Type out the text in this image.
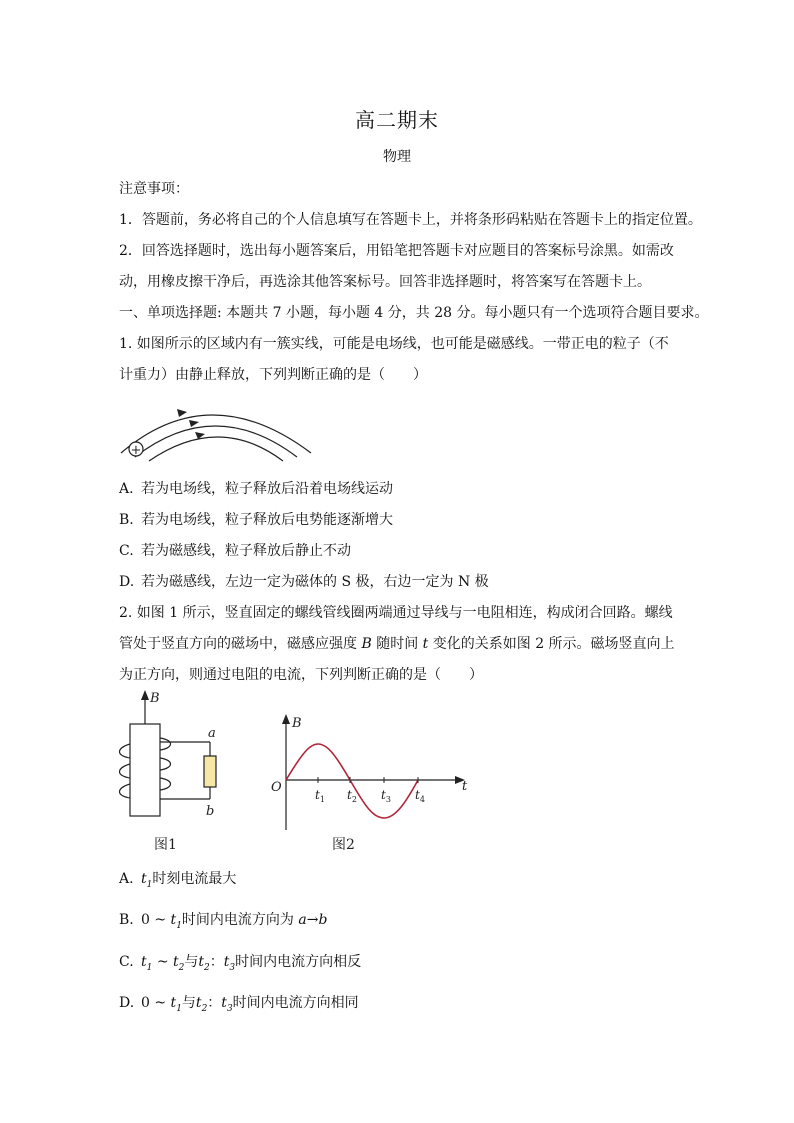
高二期末
物理
注意事项：
1．答题前，务必将自己的个人信息填写在答题卡上，并将条形码粘贴在答题卡上的指定位置。
2．回答选择题时，选出每小题答案后，用铅笔把答题卡对应题目的答案标号涂黑。如需改
动，用橡皮擦干净后，再选涂其他答案标号。回答非选择题时，将答案写在答题卡上。
一、单项选择题: 本题共 7 小题，每小题 4 分，共 28 分。每小题只有一个选项符合题目要求。
1. 如图所示的区域内有一簇实线，可能是电场线，也可能是磁感线。一带正电的粒子（不
计重力）由静止释放，下列判断正确的是（　　）
+
A. 若为电场线，粒子释放后沿着电场线运动
B. 若为电场线，粒子释放后电势能逐渐增大
C. 若为磁感线，粒子释放后静止不动
D. 若为磁感线，左边一定为磁体的 S 极，右边一定为 N 极
2. 如图 1 所示，竖直固定的螺线管线圈两端通过导线与一电阻相连，构成闭合回路。螺线
管处于竖直方向的磁场中，磁感应强度 B 随时间 t 变化的关系如图 2 所示。磁场竖直向上
为正方向，则通过电阻的电流，下列判断正确的是（　　）
B
a
b
图1
B
t
O	$t_1$ $t_2$ $t_3$ $t_4$
图2
A. $t_1$时刻电流最大
B. 0 ~ $t_1$时间内电流方向为 a→b
C. $t_1$ ~ $t_2$与$t_2$：$t_3$时间内电流方向相反
D. 0 ~ $t_1$与$t_2$：$t_3$时间内电流方向相同
